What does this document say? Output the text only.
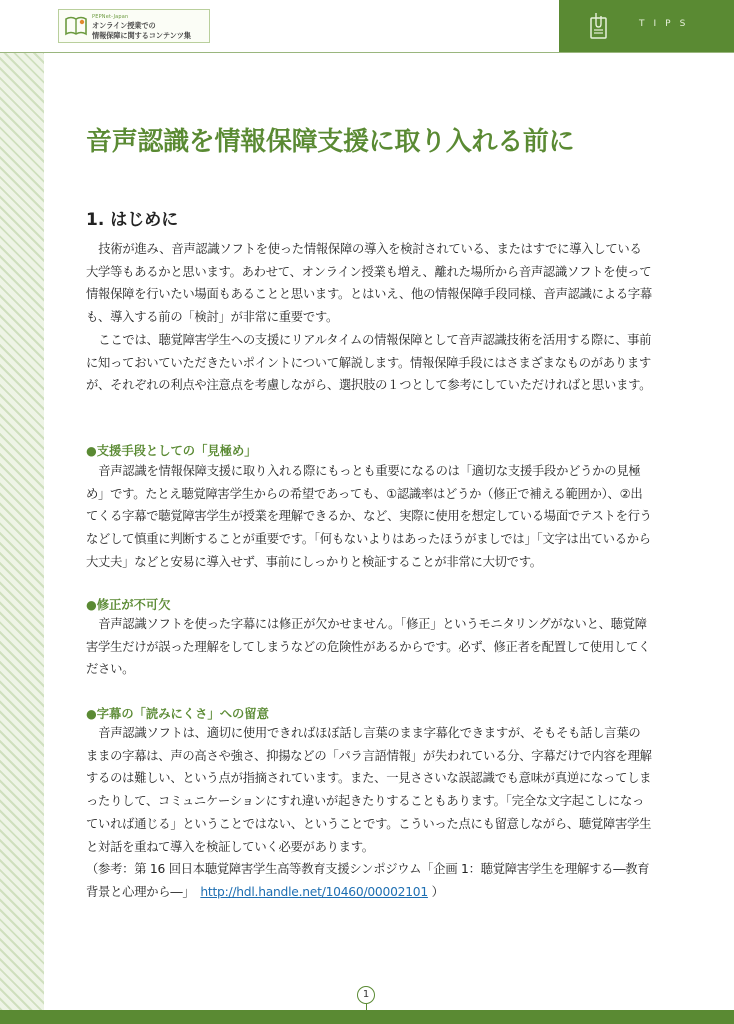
PEPNet-Japan
オンライン授業での
情報保障に関するコンテンツ集
TIPS
音声認識を情報保障支援に取り入れる前に
1. はじめに

技術が進み、音声認識ソフトを使った情報保障の導入を検討されている、またはすでに導入している大学等もあるかと思います。あわせて、オンライン授業も増え、離れた場所から音声認識ソフトを使って情報保障を行いたい場面もあることと思います。とはいえ、他の情報保障手段同様、音声認識による字幕も、導入する前の「検討」が非常に重要です。

ここでは、聴覚障害学生への支援にリアルタイムの情報保障として音声認識技術を活用する際に、事前に知っておいていただきたいポイントについて解説します。情報保障手段にはさまざまなものがありますが、それぞれの利点や注意点を考慮しながら、選択肢の１つとして参考にしていただければと思います。

●支援手段としての「見極め」

音声認識を情報保障支援に取り入れる際にもっとも重要になるのは「適切な支援手段かどうかの見極め」です。たとえ聴覚障害学生からの希望であっても、①認識率はどうか（修正で補える範囲か）、②出てくる字幕で聴覚障害学生が授業を理解できるか、など、実際に使用を想定している場面でテストを行うなどして慎重に判断することが重要です。「何もないよりはあったほうがましでは」「文字は出ているから大丈夫」などと安易に導入せず、事前にしっかりと検証することが非常に大切です。

●修正が不可欠

音声認識ソフトを使った字幕には修正が欠かせません。「修正」というモニタリングがないと、聴覚障害学生だけが誤った理解をしてしまうなどの危険性があるからです。必ず、修正者を配置して使用してください。

●字幕の「読みにくさ」への留意

音声認識ソフトは、適切に使用できればほぼ話し言葉のまま字幕化できますが、そもそも話し言葉のままの字幕は、声の高さや強さ、抑揚などの「パラ言語情報」が失われている分、字幕だけで内容を理解するのは難しい、という点が指摘されています。また、一見ささいな誤認識でも意味が真逆になってしまったりして、コミュニケーションにすれ違いが起きたりすることもあります。「完全な文字起こしになっていれば通じる」ということではない、ということです。こういった点にも留意しながら、聴覚障害学生と対話を重ねて導入を検証していく必要があります。

（参考：第 16 回日本聴覚障害学生高等教育支援シンポジウム「企画 1：聴覚障害学生を理解する―教育背景と心理から―」　 http://hdl.handle.net/10460/00002101 ）
1
